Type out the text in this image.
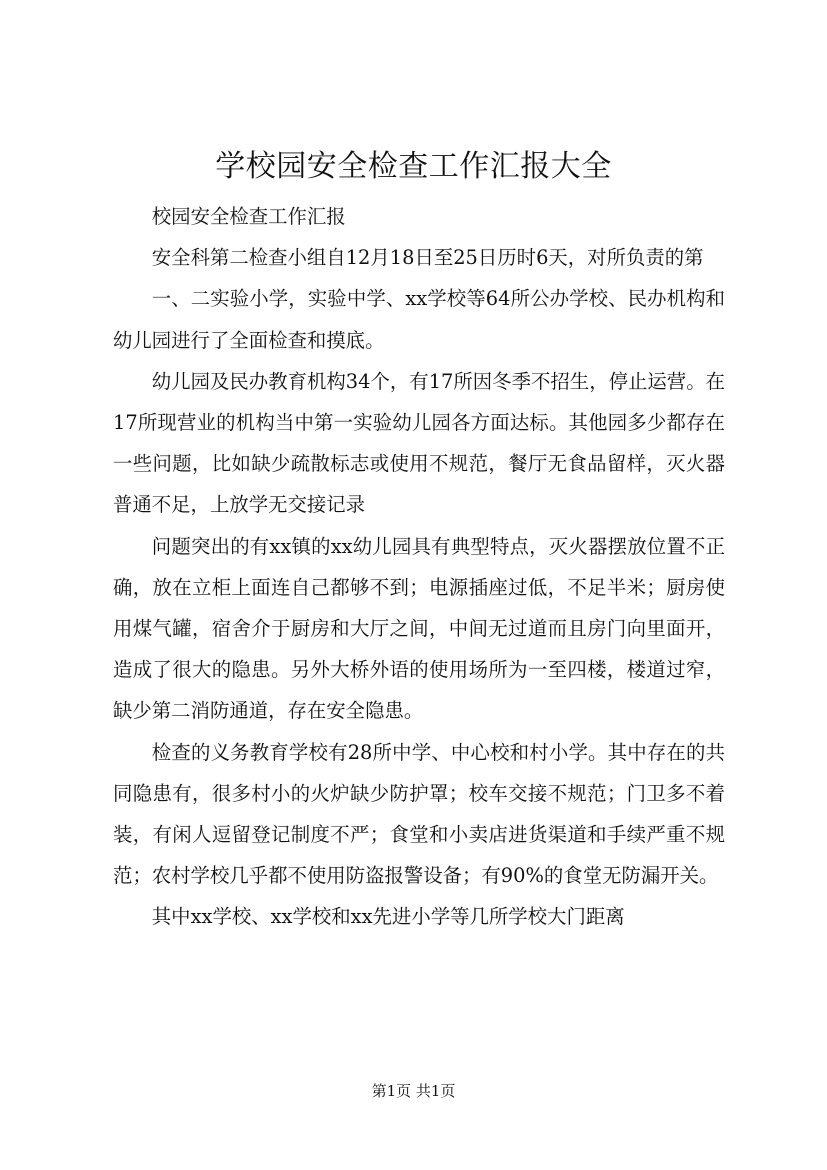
学校园安全检查工作汇报大全

校园安全检查工作汇报

安全科第二检查小组自12月18日至25日历时6天，对所负责的第

一、二实验小学，实验中学、xx学校等64所公办学校、民办机构和幼儿园进行了全面检查和摸底。

幼儿园及民办教育机构34个，有17所因冬季不招生，停止运营。在17所现营业的机构当中第一实验幼儿园各方面达标。其他园多少都存在一些问题，比如缺少疏散标志或使用不规范，餐厅无食品留样，灭火器普通不足，上放学无交接记录

问题突出的有xx镇的xx幼儿园具有典型特点，灭火器摆放位置不正确，放在立柜上面连自己都够不到；电源插座过低，不足半米；厨房使用煤气罐，宿舍介于厨房和大厅之间，中间无过道而且房门向里面开，造成了很大的隐患。另外大桥外语的使用场所为一至四楼，楼道过窄，缺少第二消防通道，存在安全隐患。

检查的义务教育学校有28所中学、中心校和村小学。其中存在的共同隐患有，很多村小的火炉缺少防护罩；校车交接不规范；门卫多不着装，有闲人逗留登记制度不严；食堂和小卖店进货渠道和手续严重不规范；农村学校几乎都不使用防盗报警设备；有90%的食堂无防漏开关。

其中xx学校、xx学校和xx先进小学等几所学校大门距离

第1页 共1页
